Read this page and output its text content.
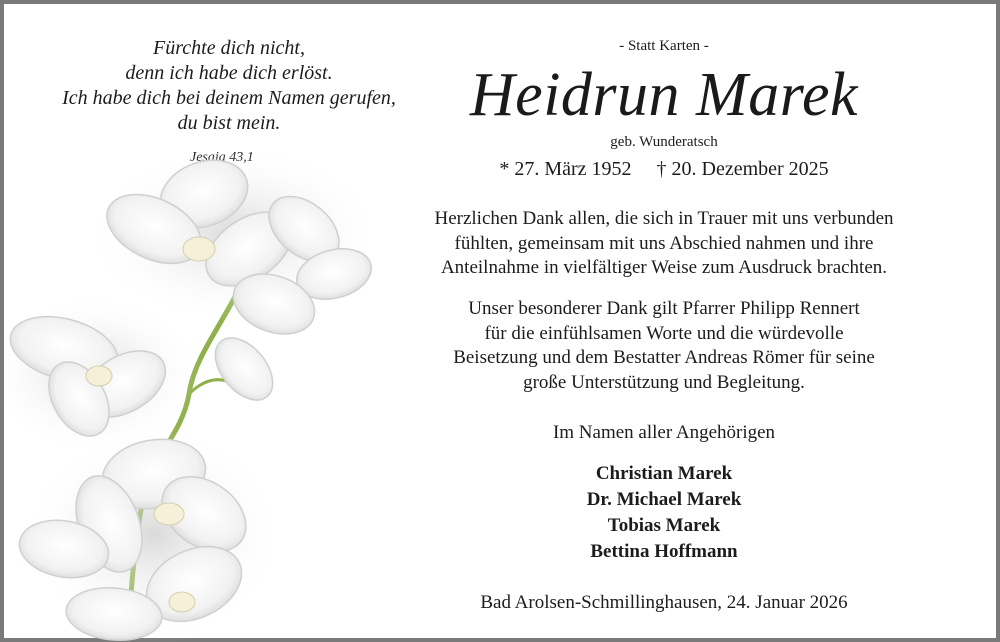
Fürchte dich nicht,
denn ich habe dich erlöst.
Ich habe dich bei deinem Namen gerufen,
du bist mein.
- Statt Karten -
Heidrun Marek
geb. Wunderatsch
* 27. März 1952 † 20. Dezember 2025
Herzlichen Dank allen, die sich in Trauer mit uns verbunden
fühlten, gemeinsam mit uns Abschied nahmen und ihre
Anteilnahme in vielfältiger Weise zum Ausdruck brachten.
Unser besonderer Dank gilt Pfarrer Philipp Rennert
für die einfühlsamen Worte und die würdevolle
Beisetzung und dem Bestatter Andreas Römer für seine
große Unterstützung und Begleitung.
Im Namen aller Angehörigen
Christian Marek
Dr. Michael Marek
Tobias Marek
Bettina Hoffmann
Bad Arolsen-Schmillinghausen, 24. Januar 2026
